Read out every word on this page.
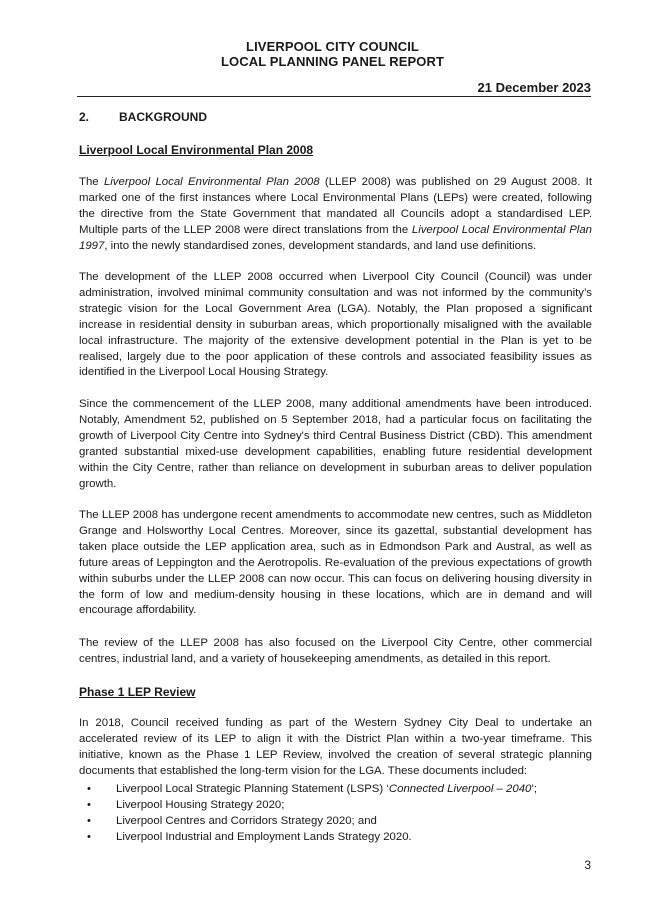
LIVERPOOL CITY COUNCIL
LOCAL PLANNING PANEL REPORT
21 December 2023
2. BACKGROUND
Liverpool Local Environmental Plan 2008
The Liverpool Local Environmental Plan 2008 (LLEP 2008) was published on 29 August 2008. It marked one of the first instances where Local Environmental Plans (LEPs) were created, following the directive from the State Government that mandated all Councils adopt a standardised LEP. Multiple parts of the LLEP 2008 were direct translations from the Liverpool Local Environmental Plan 1997, into the newly standardised zones, development standards, and land use definitions.
The development of the LLEP 2008 occurred when Liverpool City Council (Council) was under administration, involved minimal community consultation and was not informed by the community’s strategic vision for the Local Government Area (LGA). Notably, the Plan proposed a significant increase in residential density in suburban areas, which proportionally misaligned with the available local infrastructure. The majority of the extensive development potential in the Plan is yet to be realised, largely due to the poor application of these controls and associated feasibility issues as identified in the Liverpool Local Housing Strategy.
Since the commencement of the LLEP 2008, many additional amendments have been introduced. Notably, Amendment 52, published on 5 September 2018, had a particular focus on facilitating the growth of Liverpool City Centre into Sydney's third Central Business District (CBD). This amendment granted substantial mixed-use development capabilities, enabling future residential development within the City Centre, rather than reliance on development in suburban areas to deliver population growth.
The LLEP 2008 has undergone recent amendments to accommodate new centres, such as Middleton Grange and Holsworthy Local Centres. Moreover, since its gazettal, substantial development has taken place outside the LEP application area, such as in Edmondson Park and Austral, as well as future areas of Leppington and the Aerotropolis. Re-evaluation of the previous expectations of growth within suburbs under the LLEP 2008 can now occur. This can focus on delivering housing diversity in the form of low and medium-density housing in these locations, which are in demand and will encourage affordability.
The review of the LLEP 2008 has also focused on the Liverpool City Centre, other commercial centres, industrial land, and a variety of housekeeping amendments, as detailed in this report.
Phase 1 LEP Review
In 2018, Council received funding as part of the Western Sydney City Deal to undertake an accelerated review of its LEP to align it with the District Plan within a two-year timeframe. This initiative, known as the Phase 1 LEP Review, involved the creation of several strategic planning documents that established the long-term vision for the LGA. These documents included:
• Liverpool Local Strategic Planning Statement (LSPS) ‘Connected Liverpool – 2040’;
• Liverpool Housing Strategy 2020;
• Liverpool Centres and Corridors Strategy 2020; and
• Liverpool Industrial and Employment Lands Strategy 2020.
3
